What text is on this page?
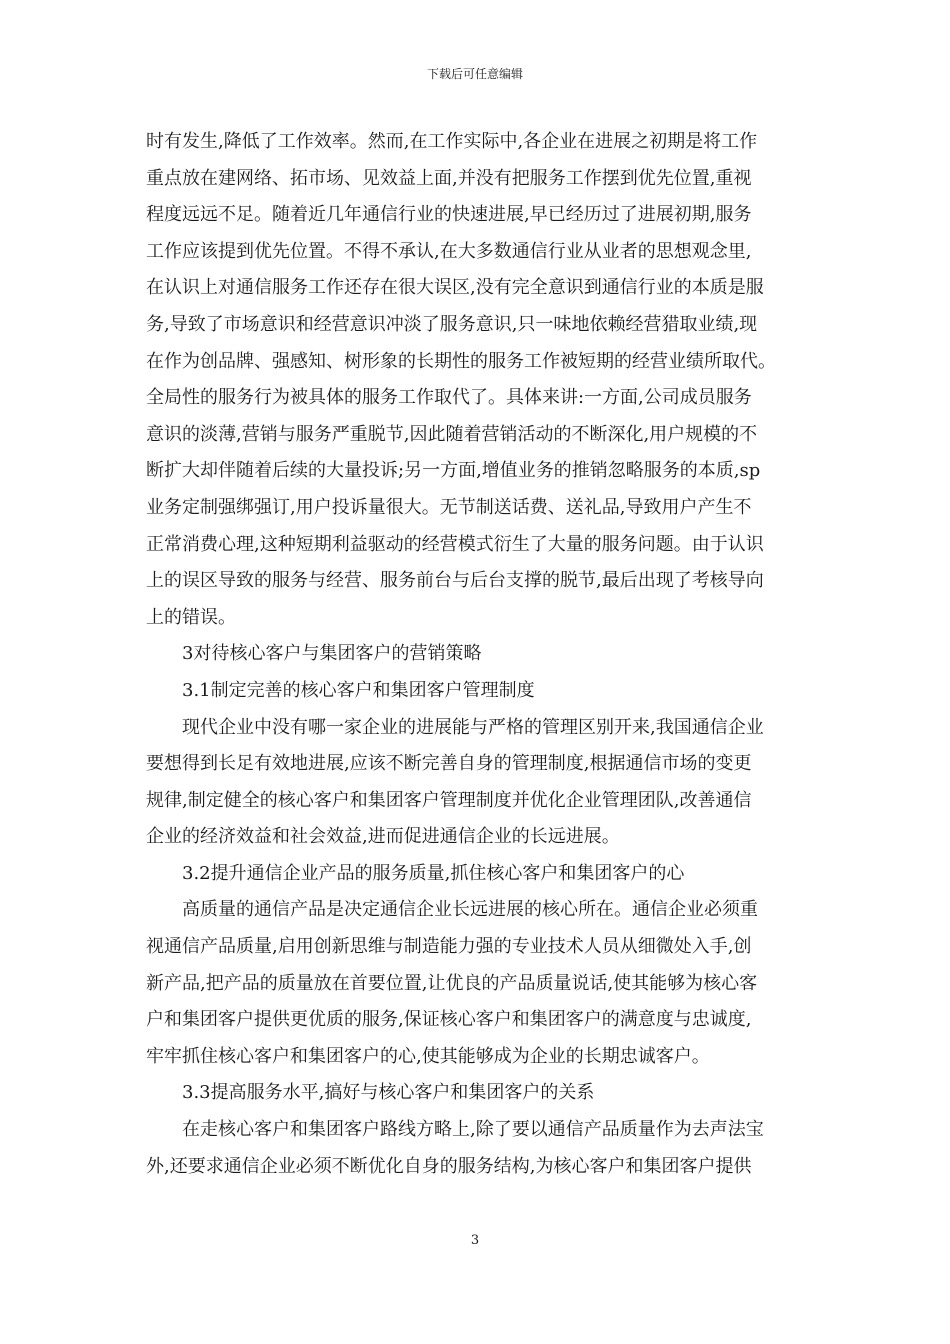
下载后可任意编辑
时有发生,降低了工作效率。然而,在工作实际中,各企业在进展之初期是将工作
重点放在建网络、拓市场、见效益上面,并没有把服务工作摆到优先位置,重视
程度远远不足。随着近几年通信行业的快速进展,早已经历过了进展初期,服务
工作应该提到优先位置。不得不承认,在大多数通信行业从业者的思想观念里,
在认识上对通信服务工作还存在很大误区,没有完全意识到通信行业的本质是服
务,导致了市场意识和经营意识冲淡了服务意识,只一味地依赖经营猎取业绩,现
在作为创品牌、强感知、树形象的长期性的服务工作被短期的经营业绩所取代。
全局性的服务行为被具体的服务工作取代了。具体来讲:一方面,公司成员服务
意识的淡薄,营销与服务严重脱节,因此随着营销活动的不断深化,用户规模的不
断扩大却伴随着后续的大量投诉;另一方面,增值业务的推销忽略服务的本质,sp
业务定制强绑强订,用户投诉量很大。无节制送话费、送礼品,导致用户产生不
正常消费心理,这种短期利益驱动的经营模式衍生了大量的服务问题。由于认识
上的误区导致的服务与经营、服务前台与后台支撑的脱节,最后出现了考核导向
上的错误。
　　3对待核心客户与集团客户的营销策略
　　3.1制定完善的核心客户和集团客户管理制度
　　现代企业中没有哪一家企业的进展能与严格的管理区别开来,我国通信企业
要想得到长足有效地进展,应该不断完善自身的管理制度,根据通信市场的变更
规律,制定健全的核心客户和集团客户管理制度并优化企业管理团队,改善通信
企业的经济效益和社会效益,进而促进通信企业的长远进展。
　　3.2提升通信企业产品的服务质量,抓住核心客户和集团客户的心
　　高质量的通信产品是决定通信企业长远进展的核心所在。通信企业必须重
视通信产品质量,启用创新思维与制造能力强的专业技术人员从细微处入手,创
新产品,把产品的质量放在首要位置,让优良的产品质量说话,使其能够为核心客
户和集团客户提供更优质的服务,保证核心客户和集团客户的满意度与忠诚度,
牢牢抓住核心客户和集团客户的心,使其能够成为企业的长期忠诚客户。
　　3.3提高服务水平,搞好与核心客户和集团客户的关系
　　在走核心客户和集团客户路线方略上,除了要以通信产品质量作为去声法宝
外,还要求通信企业必须不断优化自身的服务结构,为核心客户和集团客户提供
3
